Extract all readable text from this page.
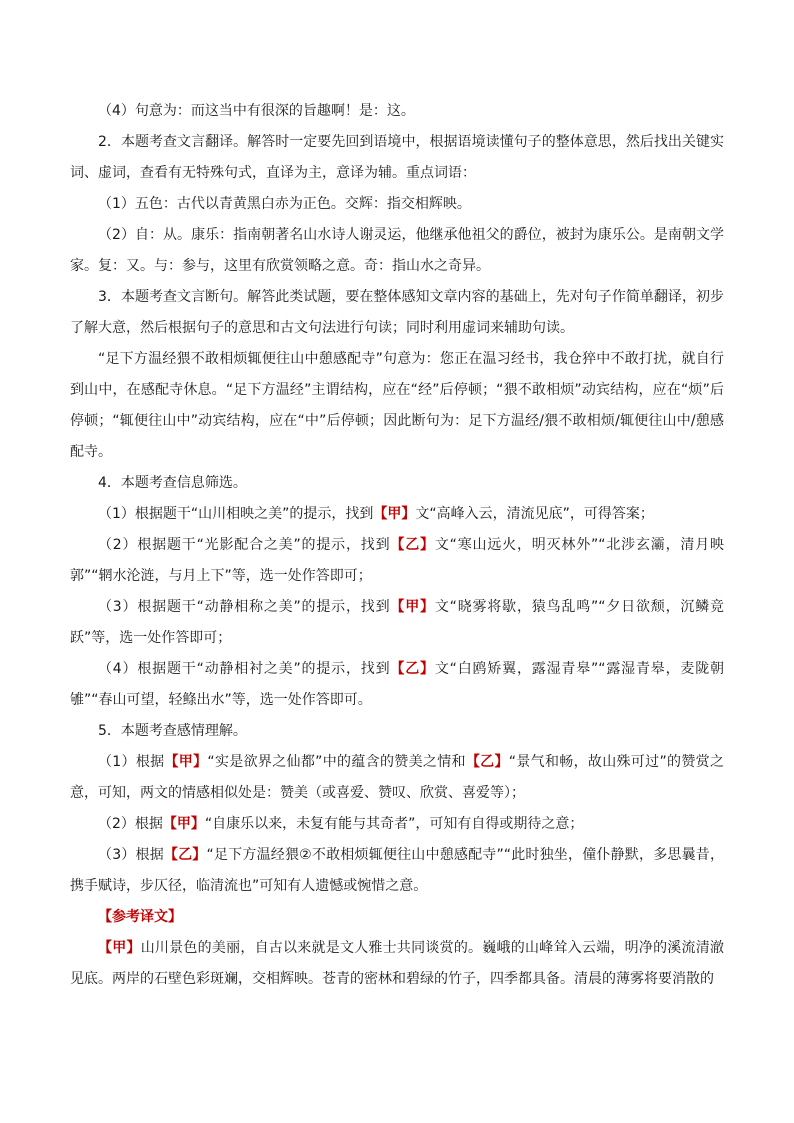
（4）句意为：而这当中有很深的旨趣啊！是：这。

2．本题考查文言翻译。解答时一定要先回到语境中，根据语境读懂句子的整体意思，然后找出关键实词、虚词，查看有无特殊句式，直译为主，意译为辅。重点词语：

（1）五色：古代以青黄黑白赤为正色。交辉：指交相辉映。

（2）自：从。康乐：指南朝著名山水诗人谢灵运，他继承他祖父的爵位，被封为康乐公。是南朝文学家。复：又。与：参与，这里有欣赏领略之意。奇：指山水之奇异。

3．本题考查文言断句。解答此类试题，要在整体感知文章内容的基础上，先对句子作简单翻译，初步了解大意，然后根据句子的意思和古文句法进行句读；同时利用虚词来辅助句读。

“足下方温经猥不敢相烦辄便往山中憩感配寺”句意为：您正在温习经书，我仓猝中不敢打扰，就自行到山中，在感配寺休息。“足下方温经”主谓结构，应在“经”后停顿；“猥不敢相烦”动宾结构，应在“烦”后停顿；“辄便往山中”动宾结构，应在“中”后停顿；因此断句为：足下方温经/猥不敢相烦/辄便往山中/憩感配寺。

4．本题考查信息筛选。

（1）根据题干“山川相映之美”的提示，找到【甲】文“高峰入云，清流见底”，可得答案；

（2）根据题干“光影配合之美”的提示，找到【乙】文“寒山远火，明灭林外”“北涉玄灞，清月映郭”“辋水沦涟，与月上下”等，选一处作答即可；

（3）根据题干“动静相称之美”的提示，找到【甲】文“晓雾将歇，猿鸟乱鸣”“夕日欲颓，沉鳞竞跃”等，选一处作答即可；

（4）根据题干“动静相衬之美”的提示，找到【乙】文“白鸥矫翼，露湿青皋”“露湿青皋，麦陇朝雊”“春山可望，轻鲦出水”等，选一处作答即可。

5．本题考查感情理解。

（1）根据【甲】“实是欲界之仙都”中的蕴含的赞美之情和【乙】“景气和畅，故山殊可过”的赞赏之意，可知，两文的情感相似处是：赞美（或喜爱、赞叹、欣赏、喜爱等）；

（2）根据【甲】“自康乐以来，未复有能与其奇者”，可知有自得或期待之意；

（3）根据【乙】“足下方温经猥②不敢相烦辄便往山中憩感配寺”“此时独坐，僮仆静默，多思曩昔，携手赋诗，步仄径，临清流也”可知有人遗憾或惋惜之意。

【参考译文】

【甲】山川景色的美丽，自古以来就是文人雅士共同谈赏的。巍峨的山峰耸入云端，明净的溪流清澈见底。两岸的石壁色彩斑斓，交相辉映。苍青的密林和碧绿的竹子，四季都具备。清晨的薄雾将要消散的
